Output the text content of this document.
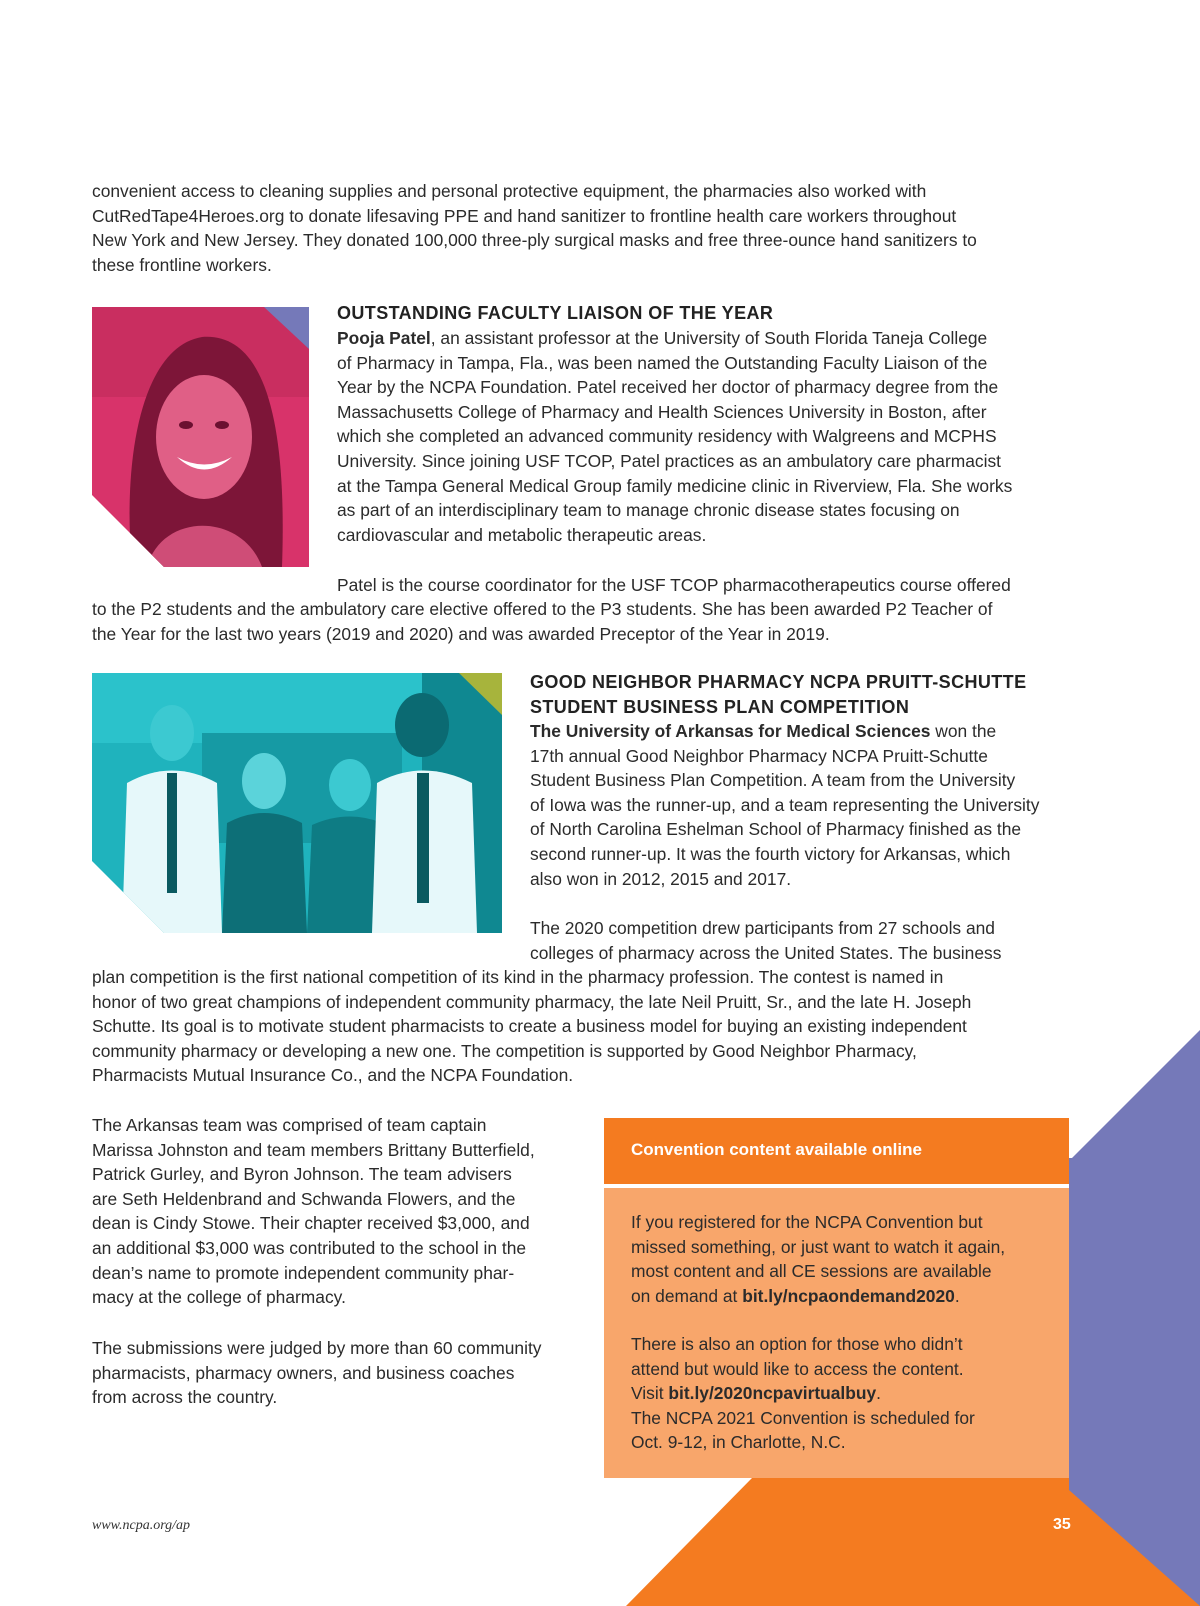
convenient access to cleaning supplies and personal protective equipment, the pharmacies also worked with
CutRedTape4Heroes.org to donate lifesaving PPE and hand sanitizer to frontline health care workers throughout
New York and New Jersey. They donated 100,000 three-ply surgical masks and free three-ounce hand sanitizers to
these frontline workers.

OUTSTANDING FACULTY LIAISON OF THE YEAR

Pooja Patel, an assistant professor at the University of South Florida Taneja College
of Pharmacy in Tampa, Fla., was been named the Outstanding Faculty Liaison of the
Year by the NCPA Foundation. Patel received her doctor of pharmacy degree from the
Massachusetts College of Pharmacy and Health Sciences University in Boston, after
which she completed an advanced community residency with Walgreens and MCPHS
University. Since joining USF TCOP, Patel practices as an ambulatory care pharmacist
at the Tampa General Medical Group family medicine clinic in Riverview, Fla. She works
as part of an interdisciplinary team to manage chronic disease states focusing on
cardiovascular and metabolic therapeutic areas.

Patel is the course coordinator for the USF TCOP pharmacotherapeutics course offered

to the P2 students and the ambulatory care elective offered to the P3 students. She has been awarded P2 Teacher of
the Year for the last two years (2019 and 2020) and was awarded Preceptor of the Year in 2019.

GOOD NEIGHBOR PHARMACY NCPA PRUITT-SCHUTTE
STUDENT BUSINESS PLAN COMPETITION

The University of Arkansas for Medical Sciences won the
17th annual Good Neighbor Pharmacy NCPA Pruitt-Schutte
Student Business Plan Competition. A team from the University
of Iowa was the runner-up, and a team representing the University
of North Carolina Eshelman School of Pharmacy finished as the
second runner-up. It was the fourth victory for Arkansas, which
also won in 2012, 2015 and 2017.

The 2020 competition drew participants from 27 schools and
colleges of pharmacy across the United States. The business

plan competition is the first national competition of its kind in the pharmacy profession. The contest is named in
honor of two great champions of independent community pharmacy, the late Neil Pruitt, Sr., and the late H. Joseph
Schutte. Its goal is to motivate student pharmacists to create a business model for buying an existing independent
community pharmacy or developing a new one. The competition is supported by Good Neighbor Pharmacy,
Pharmacists Mutual Insurance Co., and the NCPA Foundation.

The Arkansas team was comprised of team captain
Marissa Johnston and team members Brittany Butterfield,
Patrick Gurley, and Byron Johnson. The team advisers
are Seth Heldenbrand and Schwanda Flowers, and the
dean is Cindy Stowe. Their chapter received $3,000, and
an additional $3,000 was contributed to the school in the
dean’s name to promote independent community phar-
macy at the college of pharmacy.

The submissions were judged by more than 60 community
pharmacists, pharmacy owners, and business coaches
from across the country.

Convention content available online

If you registered for the NCPA Convention but
missed something, or just want to watch it again,
most content and all CE sessions are available
on demand at bit.ly/ncpaondemand2020.

There is also an option for those who didn’t
attend but would like to access the content.
Visit bit.ly/2020ncpavirtualbuy.
The NCPA 2021 Convention is scheduled for
Oct. 9-12, in Charlotte, N.C.

www.ncpa.org/ap	35
